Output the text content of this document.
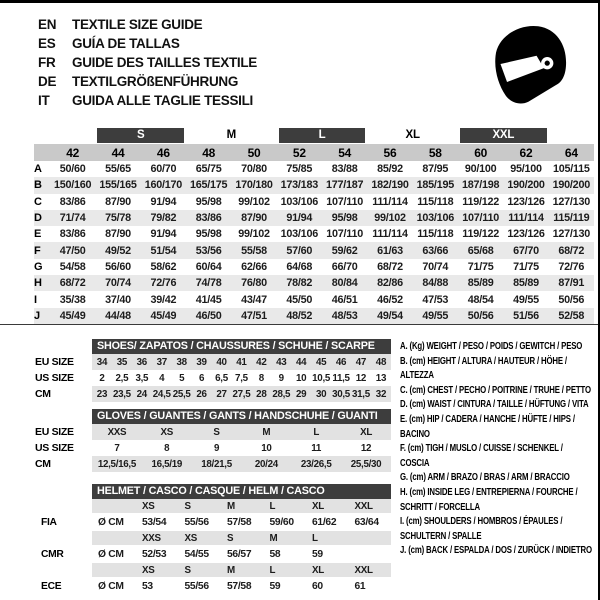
EN	TEXTILE SIZE GUIDE
ES	GUÍA DE TALLAS
FR	GUIDE DES TAILLES TEXTILE
DE	TEXTILGRÖßENFÜHRUNG
IT	GUIDA ALLE TAGLIE TESSILI

		S		M		L		XL		XXL		

	42	44	46	48	50	52	54	56	58	60	62	64
A	50/60	55/65	60/70	65/75	70/80	75/85	83/88	85/92	87/95	90/100	95/100	105/115
B	150/160	155/165	160/170	165/175	170/180	173/183	177/187	182/190	185/195	187/198	190/200	190/200
C	83/86	87/90	91/94	95/98	99/102	103/106	107/110	111/114	115/118	119/122	123/126	127/130
D	71/74	75/78	79/82	83/86	87/90	91/94	95/98	99/102	103/106	107/110	111/114	115/119
E	83/86	87/90	91/94	95/98	99/102	103/106	107/110	111/114	115/118	119/122	123/126	127/130
F	47/50	49/52	51/54	53/56	55/58	57/60	59/62	61/63	63/66	65/68	67/70	68/72
G	54/58	56/60	58/62	60/64	62/66	64/68	66/70	68/72	70/74	71/75	71/75	72/76
H	68/72	70/74	72/76	74/78	76/80	78/82	80/84	82/86	84/88	85/89	85/89	87/91
I	35/38	37/40	39/42	41/45	43/47	45/50	46/51	46/52	47/53	48/54	49/55	50/56
J	45/49	44/48	45/49	46/50	47/51	48/52	48/53	49/54	49/55	50/56	51/56	52/58

	SHOES/ ZAPATOS / CHAUSSURES / SCHUHE / SCARPE														

EU SIZE	34	35	36	37	38	39	40	41	42	43	44	45	46	47	48
US SIZE	2	2,5	3,5	4	5	6	6,5	7,5	8	9	10	10,5	11,5	12	13
CM	23	23,5	24	24,5	25,5	26	27	27,5	28	28,5	29	30	30,5	31,5	32

	GLOVES / GUANTES / GANTS / HANDSCHUHE / GUANTI					

EU SIZE	XXS	XS	S	M	L	XL
US SIZE	7	8	9	10	11	12
CM	12,5/16,5	16,5/19	18/21,5	20/24	23/26,5	25,5/30

	HELMET / CASCO / CASQUE / HELM / CASCO						

		XS	S	M	L	XL	XXL
FIA	Ø CM	53/54	55/56	57/58	59/60	61/62	63/64
		XXS	XS	S	M	L	
CMR	Ø CM	52/53	54/55	56/57	58	59	
		XS	S	M	L	XL	XXL
ECE	Ø CM	53	55/56	57/58	59	60	61
A. (Kg) WEIGHT / PESO / POIDS / GEWITCH / PESO
B. (cm) HEIGHT / ALTURA / HAUTEUR / HÖHE / ALTEZZA
C. (cm) CHEST / PECHO / POITRINE / TRUHE / PETTO
D. (cm) WAIST / CINTURA / TAILLE / HÜFTUNG / VITA
E. (cm) HIP / CADERA / HANCHE / HÜFTE / HIPS / BACINO
F. (cm) TIGH / MUSLO / CUISSE / SCHENKEL / COSCIA
G. (cm) ARM / BRAZO / BRAS / ARM / BRACCIO
H. (cm) INSIDE LEG / ENTREPIERNA / FOURCHE / SCHRITT / FORCELLA
I. (cm) SHOULDERS / HOMBROS / ÉPAULES / SCHULTERN / SPALLE
J. (cm) BACK / ESPALDA / DOS / ZURÜCK / INDIETRO
